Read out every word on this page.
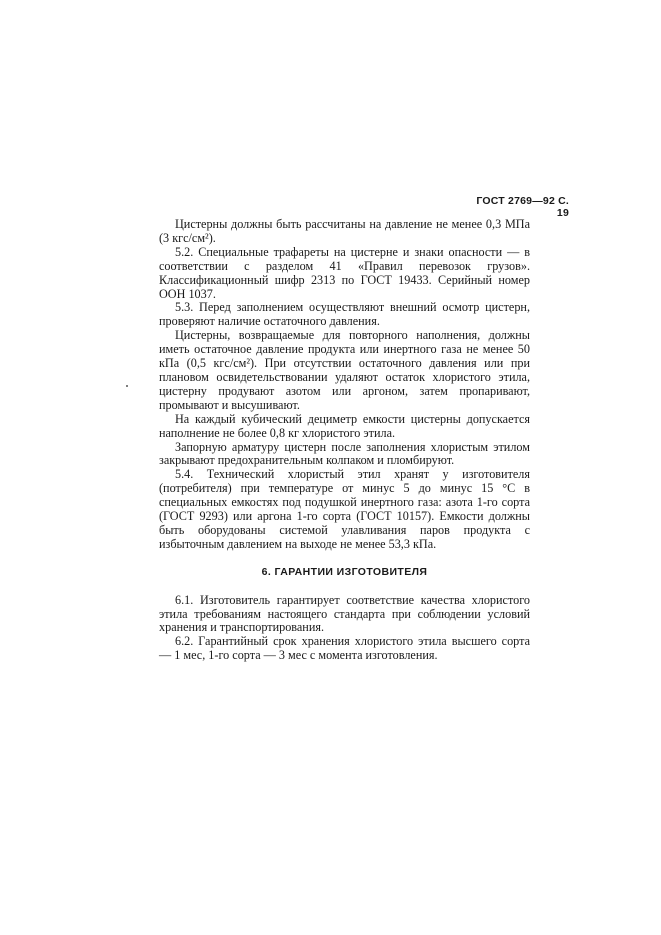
ГОСТ 2769—92 С. 19

Цистерны должны быть рассчитаны на давление не менее 0,3 МПа (3 кгс/см²).

5.2. Специальные трафареты на цистерне и знаки опасности — в соответствии с разделом 41 «Правил перевозок грузов». Классификационный шифр 2313 по ГОСТ 19433. Серийный номер ООН 1037.

5.3. Перед заполнением осуществляют внешний осмотр цистерн, проверяют наличие остаточного давления.

Цистерны, возвращаемые для повторного наполнения, должны иметь остаточное давление продукта или инертного газа не менее 50 кПа (0,5 кгс/см²). При отсутствии остаточного давления или при плановом освидетельствовании удаляют остаток хлористого этила, цистерну продувают азотом или аргоном, затем пропаривают, промывают и высушивают.

На каждый кубический дециметр емкости цистерны допускается наполнение не более 0,8 кг хлористого этила.

Запорную арматуру цистерн после заполнения хлористым этилом закрывают предохранительным колпаком и пломбируют.

5.4. Технический хлористый этил хранят у изготовителя (потребителя) при температуре от минус 5 до минус 15 °С в специальных емкостях под подушкой инертного газа: азота 1-го сорта (ГОСТ 9293) или аргона 1-го сорта (ГОСТ 10157). Емкости должны быть оборудованы системой улавливания паров продукта с избыточным давлением на выходе не менее 53,3 кПа.

6. ГАРАНТИИ ИЗГОТОВИТЕЛЯ

6.1. Изготовитель гарантирует соответствие качества хлористого этила требованиям настоящего стандарта при соблюдении условий хранения и транспортирования.

6.2. Гарантийный срок хранения хлористого этила высшего сорта — 1 мес, 1-го сорта — 3 мес с момента изготовления.
